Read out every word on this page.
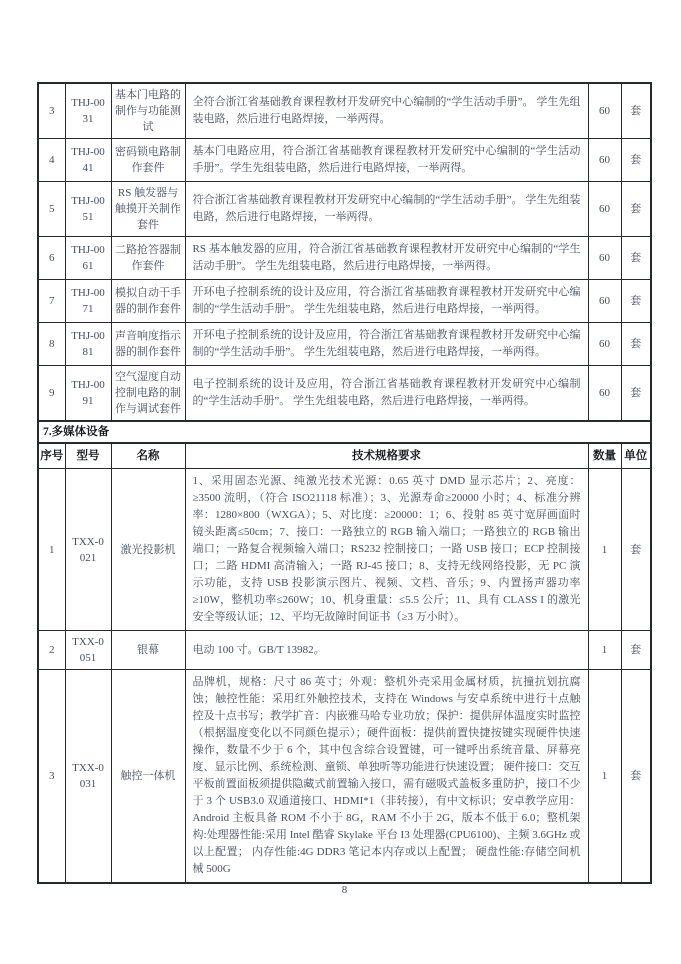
3	THJ-0031	基本门电路的制作与功能测试	全符合浙江省基础教育课程教材开发研究中心编制的“学生活动手册”。 学生先组装电路，然后进行电路焊接，一举两得。	60	套
4	THJ-0041	密码锁电路制作套件	基本门电路应用，符合浙江省基础教育课程教材开发研究中心编制的“学生活动手册”。学生先组装电路，然后进行电路焊接，一举两得。	60	套
5	THJ-0051	RS 触发器与触摸开关制作套件	符合浙江省基础教育课程教材开发研究中心编制的“学生活动手册”。 学生先组装电路，然后进行电路焊接，一举两得。	60	套
6	THJ-0061	二路抢答器制作套件	RS 基本触发器的应用，符合浙江省基础教育课程教材开发研究中心编制的“学生活动手册”。 学生先组装电路，然后进行电路焊接，一举两得。	60	套
7	THJ-0071	模拟自动干手器的制作套件	开环电子控制系统的设计及应用，符合浙江省基础教育课程教材开发研究中心编制的“学生活动手册”。 学生先组装电路，然后进行电路焊接，一举两得。	60	套
8	THJ-0081	声音响度指示器的制作套件	开环电子控制系统的设计及应用，符合浙江省基础教育课程教材开发研究中心编制的“学生活动手册”。 学生先组装电路，然后进行电路焊接，一举两得。	60	套
9	THJ-0091	空气湿度自动控制电路的制作与调试套件	电子控制系统的设计及应用，符合浙江省基础教育课程教材开发研究中心编制的“学生活动手册”。 学生先组装电路，然后进行电路焊接，一举两得。	60	套
7.多媒体设备					
序号	型号	名称	技术规格要求	数量	单位
1	TXX-0021	激光投影机	1、采用固态光源、纯激光技术光源：0.65 英寸 DMD 显示芯片；2、亮度：≥3500 流明，（符合 ISO21118 标准）；3、光源寿命≥20000 小时；4、标准分辨率：1280×800（WXGA）；5、对比度：≥20000：1；6、投射 85 英寸宽屏画面时镜头距离≤50cm；7、接口：一路独立的 RGB 输入端口；一路独立的 RGB 输出端口；一路复合视频输入端口；RS232 控制接口；一路 USB 接口；ECP 控制接口；二路 HDMI 高清输入；一路 RJ-45 接口；8、支持无线网络投影，无 PC 演示功能，支持 USB 投影演示图片、视频、文档、音乐；9、内置扬声器功率≥10W，整机功率≤260W；10、机身重量：≤5.5 公斤；11、具有 CLASS I 的激光安全等级认证；12、平均无故障时间证书（≥3 万小时）。	1	套
2	TXX-0051	银幕	电动 100 寸。GB/T 13982。	1	套
3	TXX-0031	触控一体机	品牌机，规格：尺寸 86 英寸；外观：整机外壳采用金属材质，抗撞抗划抗腐蚀；触控性能：采用红外触控技术，支持在 Windows 与安卓系统中进行十点触控及十点书写；教学扩音：内嵌雅马哈专业功放；保护：提供屏体温度实时监控（根据温度变化以不同颜色提示）；硬件面板：提供前置快捷按键实现硬件快速操作，数量不少于 6 个，其中包含综合设置键，可一键呼出系统音量、屏幕亮度、显示比例、系统检测、童锁、单独听等功能进行快速设置； 硬件接口：交互平板前置面板须提供隐藏式前置输入接口，需有磁吸式盖板多重防护，接口不少于 3 个 USB3.0 双通道接口、HDMI*1（非转接），有中文标识；安卓教学应用：Android 主板具备 ROM 不小于 8G，RAM 不小于 2G，版本不低于 6.0；整机架构:处理器性能:采用 Intel 酷睿 Skylake 平台 I3 处理器(CPU6100)、主频 3.6GHz 或以上配置； 内存性能:4G DDR3 笔记本内存或以上配置； 硬盘性能:存储空间机械 500G	1	套
8
